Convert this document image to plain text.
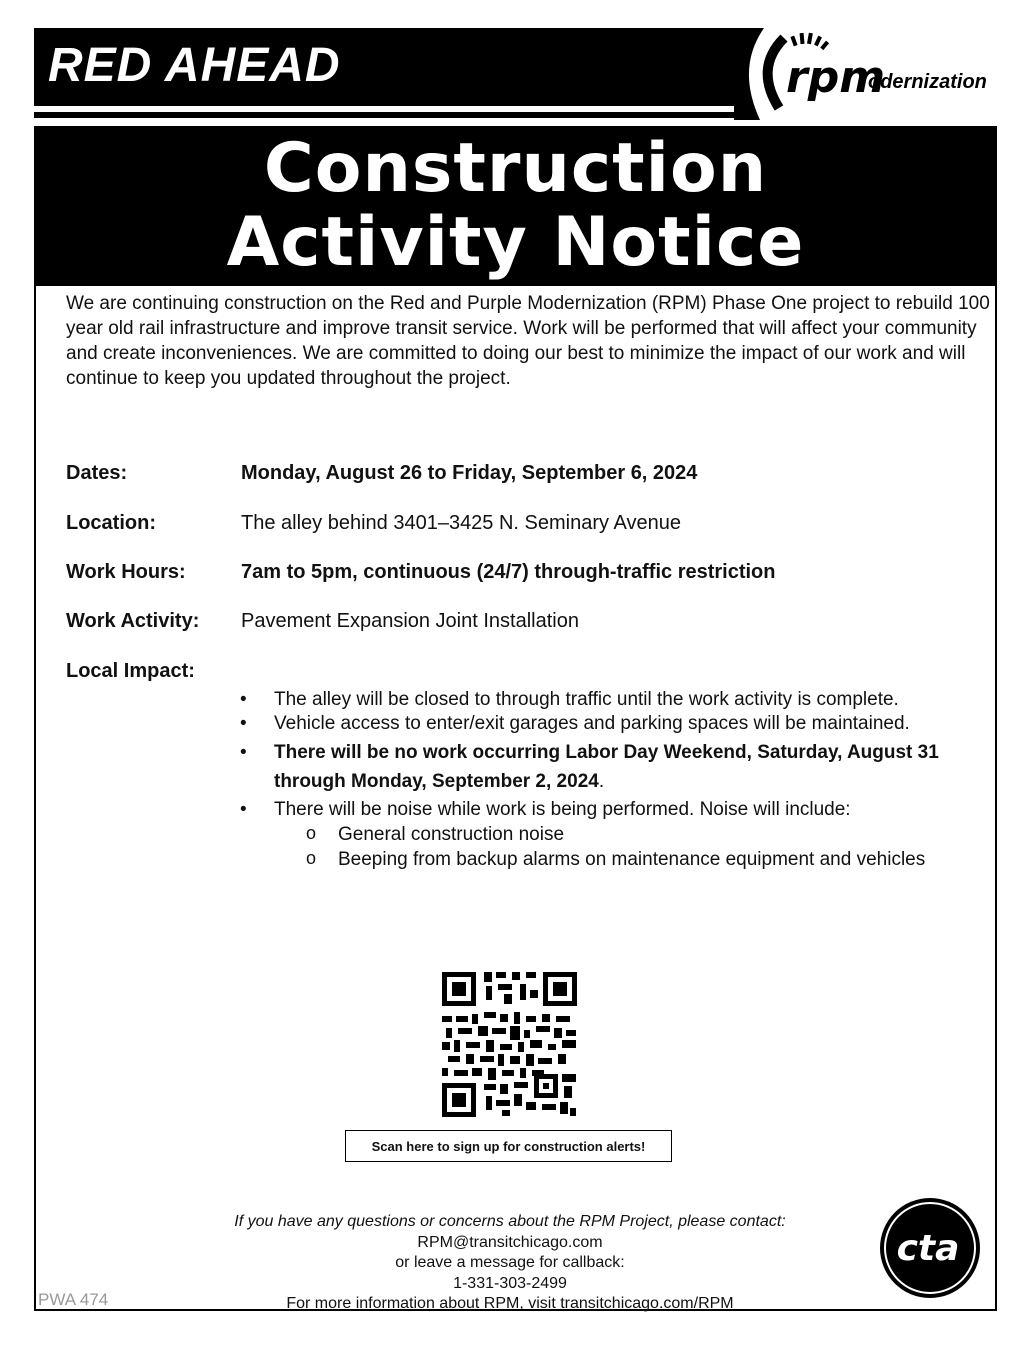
RED AHEAD	rpm
odernization
Construction
Activity Notice
We are continuing construction on the Red and Purple Modernization (RPM) Phase One project to rebuild 100 year old rail infrastructure and improve transit service. Work will be performed that will affect your community and create inconveniences. We are committed to doing our best to minimize the impact of our work and will continue to keep you updated throughout the project.
Dates:	Monday, August 26 to Friday, September 6, 2024
Location:	The alley behind 3401–3425 N. Seminary Avenue
Work Hours:	7am to 5pm, continuous (24/7) through-traffic restriction
Work Activity: Pavement Expansion Joint Installation
Local Impact:
• The alley will be closed to through traffic until the work activity is complete.
• Vehicle access to enter/exit garages and parking spaces will be maintained.
• There will be no work occurring Labor Day Weekend, Saturday, August 31 through Monday, September 2, 2024.
• There will be noise while work is being performed. Noise will include:
o General construction noise
o Beeping from backup alarms on maintenance equipment and vehicles
Scan here to sign up for construction alerts!
If you have any questions or concerns about the RPM Project, please contact:
RPM@transitchicago.com
or leave a message for callback:
1-331-303-2499
For more information about RPM, visit transitchicago.com/RPM
PWA 474
cta
